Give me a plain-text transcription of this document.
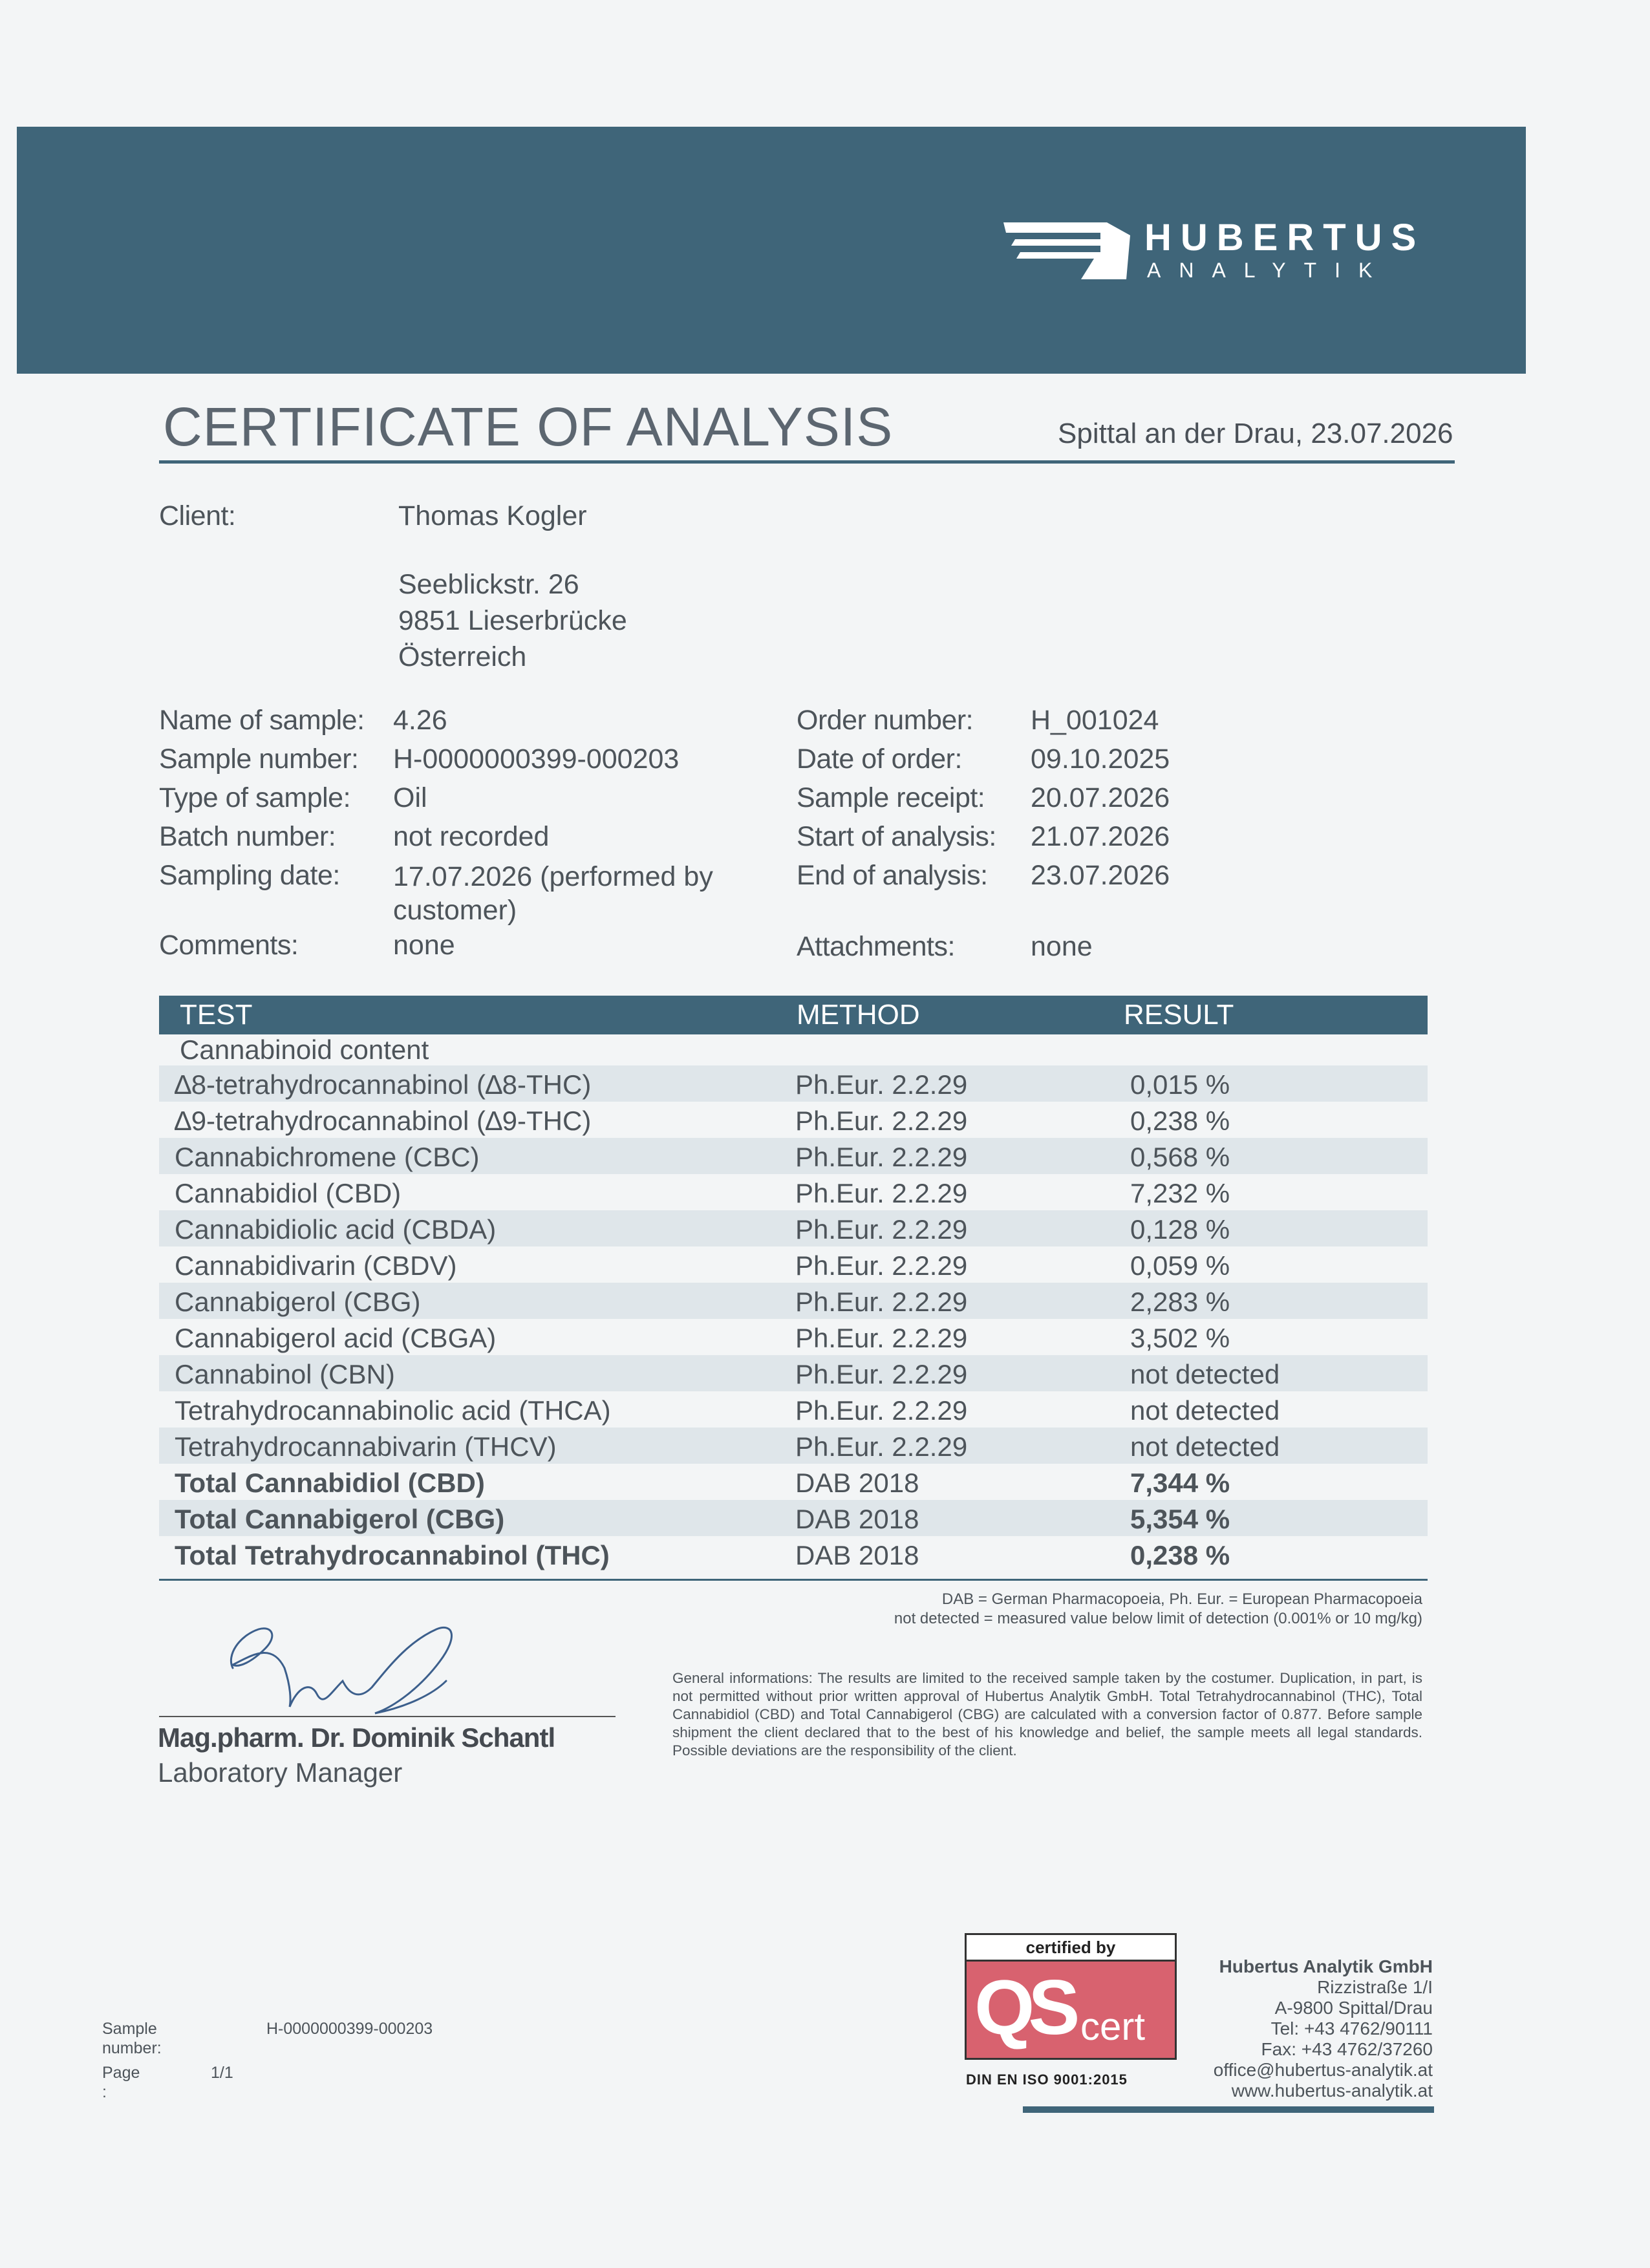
HUBERTUS
ANALYTIK
CERTIFICATE OF ANALYSIS	Spittal an der Drau, 23.07.2026
Client:	Thomas Kogler
Seeblickstr. 26
9851 Lieserbrücke
Österreich
Name of sample: 4.26
Sample number: H-0000000399-000203
Type of sample: Oil
Batch number: not recorded
Sampling date: 17.07.2026 (performed by customer)
Comments:	none
Order number: H_001024
Date of order: 09.10.2025
Sample receipt: 20.07.2026
Start of analysis: 21.07.2026
End of analysis: 23.07.2026
Attachments:	none
TEST	METHOD	RESULT
Cannabinoid content
∆8-tetrahydrocannabinol (∆8-THC)	Ph.Eur. 2.2.29	0,015 %
∆9-tetrahydrocannabinol (∆9-THC)	Ph.Eur. 2.2.29	0,238 %
Cannabichromene (CBC)	Ph.Eur. 2.2.29	0,568 %
Cannabidiol (CBD)	Ph.Eur. 2.2.29	7,232 %
Cannabidiolic acid (CBDA)	Ph.Eur. 2.2.29	0,128 %
Cannabidivarin (CBDV)	Ph.Eur. 2.2.29	0,059 %
Cannabigerol (CBG)	Ph.Eur. 2.2.29	2,283 %
Cannabigerol acid (CBGA)	Ph.Eur. 2.2.29	3,502 %
Cannabinol (CBN)	Ph.Eur. 2.2.29	not detected
Tetrahydrocannabinolic acid (THCA)	Ph.Eur. 2.2.29	not detected
Tetrahydrocannabivarin (THCV)	Ph.Eur. 2.2.29	not detected
Total Cannabidiol (CBD)	DAB 2018	7,344 %
Total Cannabigerol (CBG)	DAB 2018	5,354 %
Total Tetrahydrocannabinol (THC)	DAB 2018	0,238 %
DAB = German Pharmacopoeia, Ph. Eur. = European Pharmacopoeia
not detected = measured value below limit of detection (0.001% or 10 mg/kg)
Mag.pharm. Dr. Dominik Schantl
Laboratory Manager
General informations: The results are limited to the received sample taken by the costumer. Duplication, in part, is not permitted without prior written approval of Hubertus Analytik GmbH. Total Tetrahydrocannabinol (THC), Total Cannabidiol (CBD) and Total Cannabigerol (CBG) are calculated with a conversion factor of 0.877. Before sample shipment the client declared that to the best of his knowledge and belief, the sample meets all legal standards. Possible deviations are the responsibility of the client.
Sample
number:
H-0000000399-000203
Page
:
1/1
certified by
QS cert
DIN EN ISO 9001:2015
Hubertus Analytik GmbH
Rizzistraße 1/I
A-9800 Spittal/Drau
Tel: +43 4762/90111
Fax: +43 4762/37260
office@hubertus-analytik.at
www.hubertus-analytik.at
